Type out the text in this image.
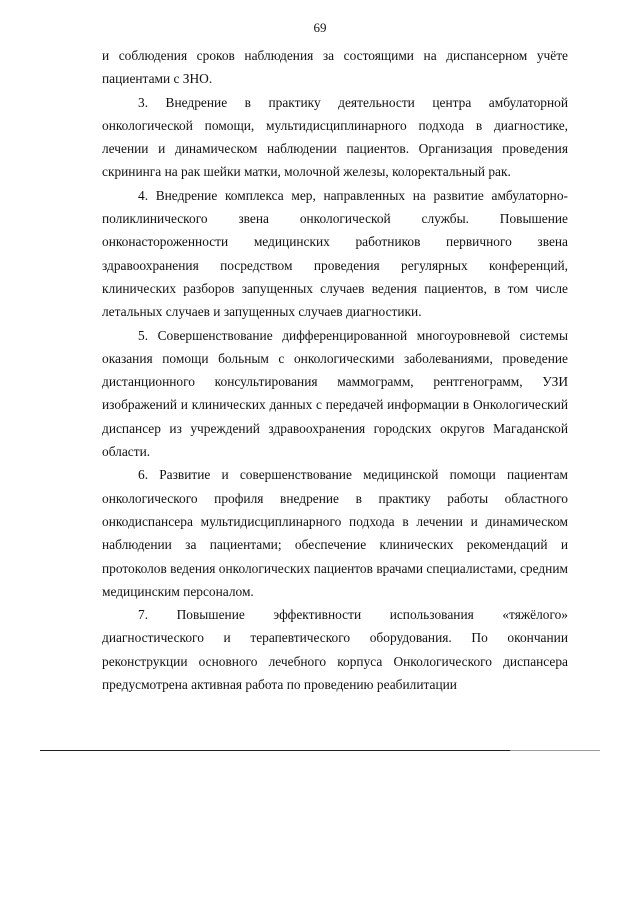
69

и соблюдения сроков наблюдения за состоящими на диспансерном учёте пациентами с ЗНО.

3. Внедрение в практику деятельности центра амбулаторной онкологической помощи, мультидисциплинарного подхода в диагностике, лечении и динамическом наблюдении пациентов. Организация проведения скрининга на рак шейки матки, молочной железы, колоректальный рак.

4. Внедрение комплекса мер, направленных на развитие амбулаторно-поликлинического звена онкологической службы. Повышение онконастороженности медицинских работников первичного звена здравоохранения посредством проведения регулярных конференций, клинических разборов запущенных случаев ведения пациентов, в том числе летальных случаев и запущенных случаев диагностики.

5. Совершенствование дифференцированной многоуровневой системы оказания помощи больным с онкологическими заболеваниями, проведение дистанционного консультирования маммограмм, рентгенограмм, УЗИ изображений и клинических данных с передачей информации в Онкологический диспансер из учреждений здравоохранения городских округов Магаданской области.

6. Развитие и совершенствование медицинской помощи пациентам онкологического профиля внедрение в практику работы областного онкодиспансера мультидисциплинарного подхода в лечении и динамическом наблюдении за пациентами; обеспечение клинических рекомендаций и протоколов ведения онкологических пациентов врачами специалистами, средним медицинским персоналом.

7. Повышение эффективности использования «тяжёлого» диагностического и терапевтического оборудования. По окончании реконструкции основного лечебного корпуса Онкологического диспансера предусмотрена активная работа по проведению реабилитации
